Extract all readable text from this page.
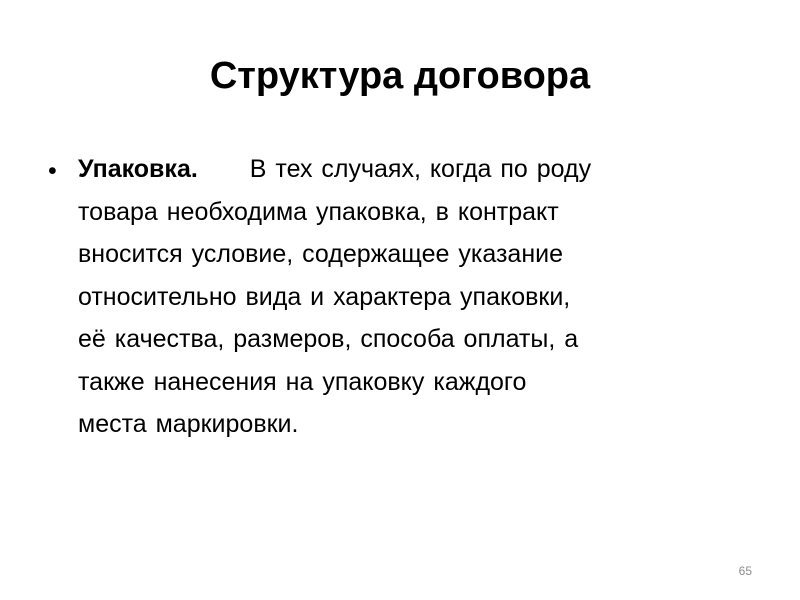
Структура договора
• Упаковка. В тех случаях, когда по роду
товара необходима упаковка, в контракт
вносится условие, содержащее указание
относительно вида и характера упаковки,
её качества, размеров, способа оплаты, а
также нанесения на упаковку каждого
места маркировки.
65
